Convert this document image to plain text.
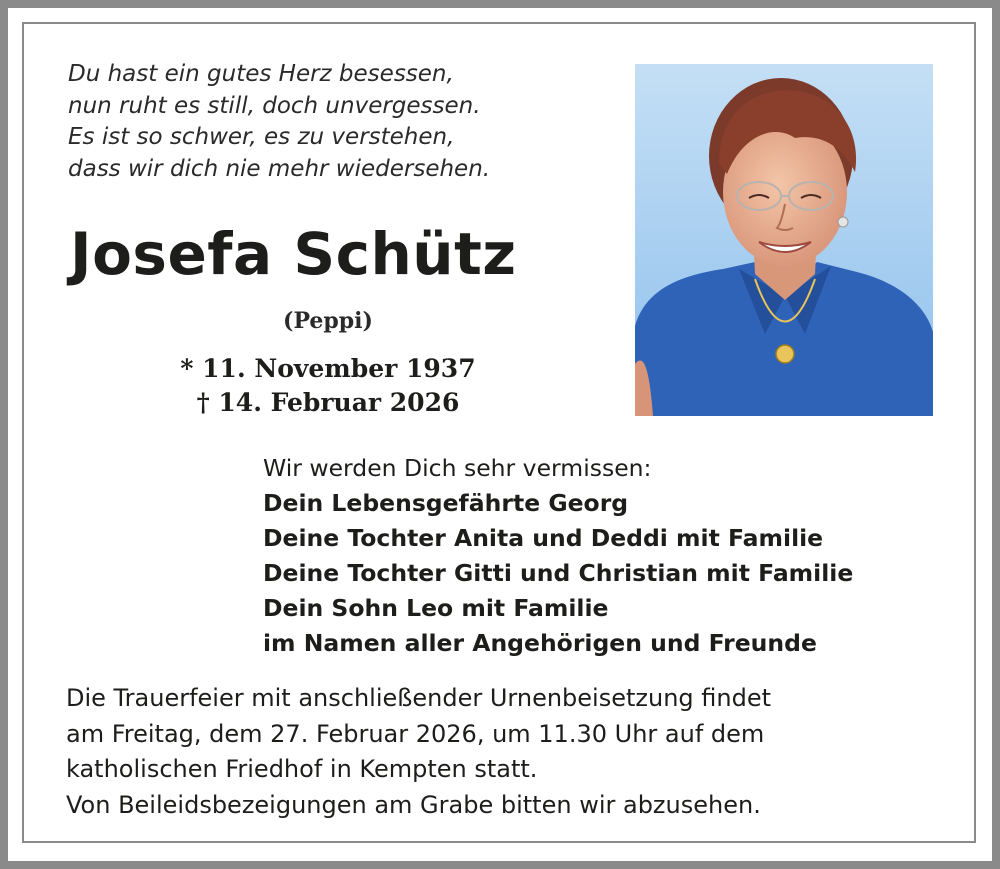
Du hast ein gutes Herz besessen,
nun ruht es still, doch unvergessen.
Es ist so schwer, es zu verstehen,
dass wir dich nie mehr wiedersehen.
Josefa Schütz
(Peppi)
* 11. November 1937
† 14. Februar 2026
Wir werden Dich sehr vermissen:
Dein Lebensgefährte Georg
Deine Tochter Anita und Deddi mit Familie
Deine Tochter Gitti und Christian mit Familie
Dein Sohn Leo mit Familie
im Namen aller Angehörigen und Freunde
Die Trauerfeier mit anschließender Urnenbeisetzung findet
am Freitag, dem 27. Februar 2026, um 11.30 Uhr auf dem
katholischen Friedhof in Kempten statt.
Von Beileidsbezeigungen am Grabe bitten wir abzusehen.
